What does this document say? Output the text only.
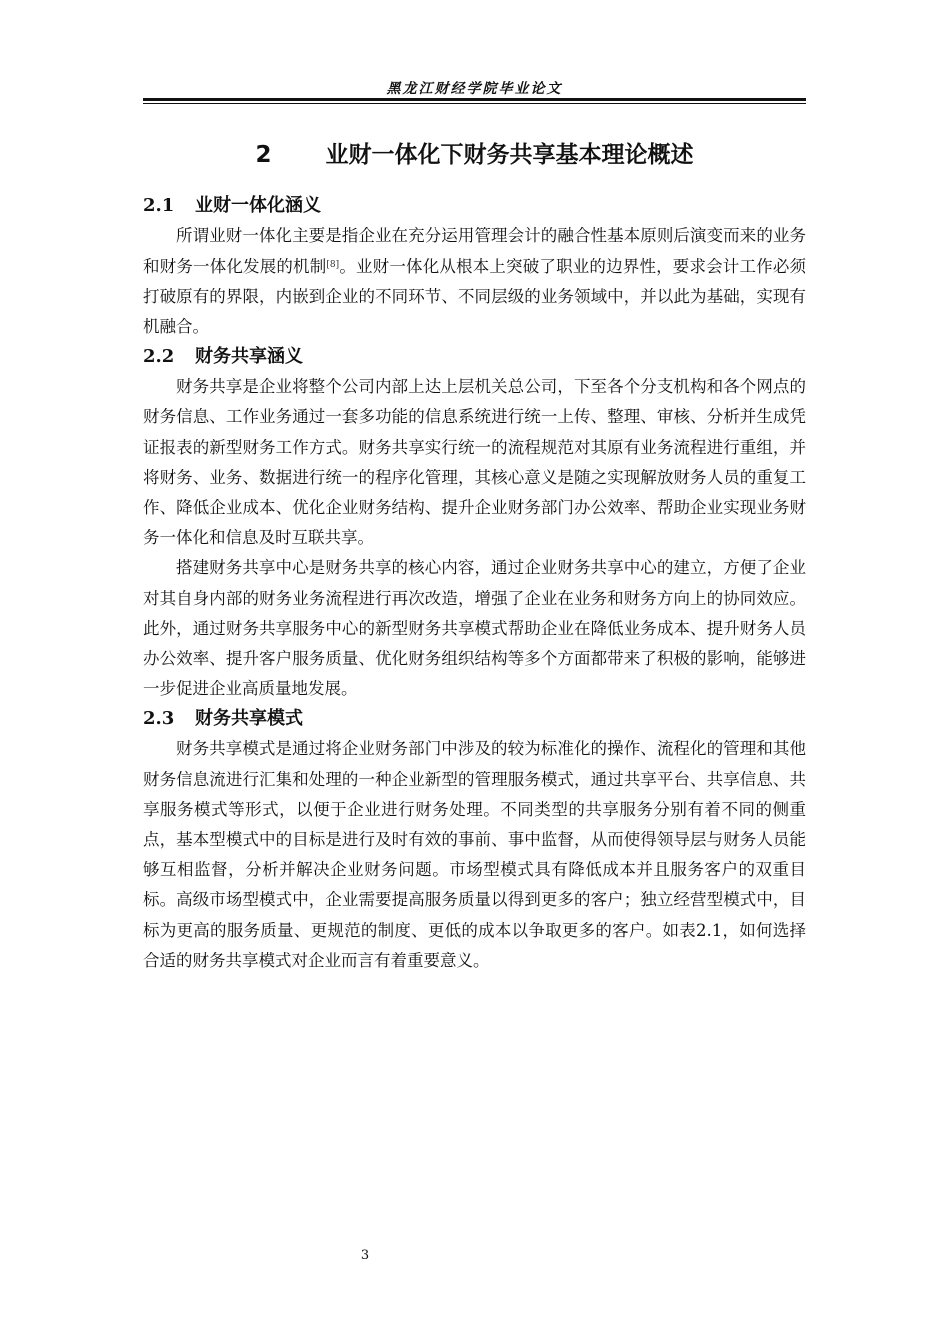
黑龙江财经学院毕业论文
2 业财一体化下财务共享基本理论概述
2.1 业财一体化涵义

所谓业财一体化主要是指企业在充分运用管理会计的融合性基本原则后演变而来的业务和财务一体化发展的机制[8]。业财一体化从根本上突破了职业的边界性，要求会计工作必须打破原有的界限，内嵌到企业的不同环节、不同层级的业务领域中，并以此为基础，实现有机融合。

2.2 财务共享涵义

财务共享是企业将整个公司内部上达上层机关总公司，下至各个分支机构和各个网点的财务信息、工作业务通过一套多功能的信息系统进行统一上传、整理、审核、分析并生成凭证报表的新型财务工作方式。财务共享实行统一的流程规范对其原有业务流程进行重组，并将财务、业务、数据进行统一的程序化管理，其核心意义是随之实现解放财务人员的重复工作、降低企业成本、优化企业财务结构、提升企业财务部门办公效率、帮助企业实现业务财务一体化和信息及时互联共享。

搭建财务共享中心是财务共享的核心内容，通过企业财务共享中心的建立，方便了企业对其自身内部的财务业务流程进行再次改造，增强了企业在业务和财务方向上的协同效应。此外，通过财务共享服务中心的新型财务共享模式帮助企业在降低业务成本、提升财务人员办公效率、提升客户服务质量、优化财务组织结构等多个方面都带来了积极的影响，能够进一步促进企业高质量地发展。

2.3 财务共享模式

财务共享模式是通过将企业财务部门中涉及的较为标准化的操作、流程化的管理和其他财务信息流进行汇集和处理的一种企业新型的管理服务模式，通过共享平台、共享信息、共享服务模式等形式，以便于企业进行财务处理。不同类型的共享服务分别有着不同的侧重点，基本型模式中的目标是进行及时有效的事前、事中监督，从而使得领导层与财务人员能够互相监督，分析并解决企业财务问题。市场型模式具有降低成本并且服务客户的双重目标。高级市场型模式中，企业需要提高服务质量以得到更多的客户；独立经营型模式中，目标为更高的服务质量、更规范的制度、更低的成本以争取更多的客户。如表2.1，如何选择合适的财务共享模式对企业而言有着重要意义。

3
